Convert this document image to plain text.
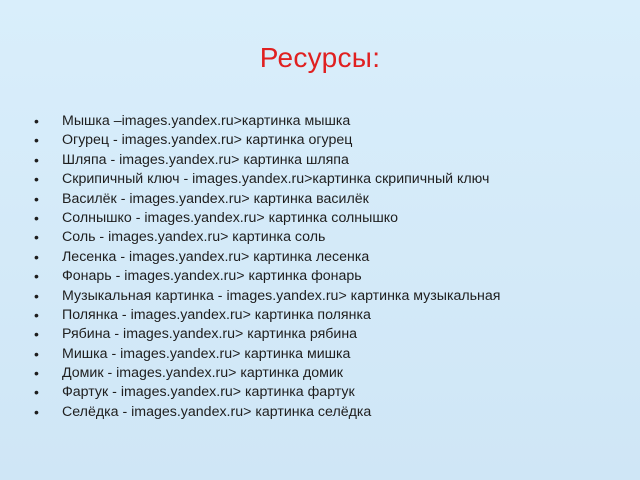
Ресурсы:
•	Мышка –images.yandex.ru>картинка мышка
•	Огурец - images.yandex.ru> картинка огурец
•	Шляпа - images.yandex.ru> картинка шляпа
•	Скрипичный ключ - images.yandex.ru>картинка скрипичный ключ
•	Василёк - images.yandex.ru> картинка василёк
•	Солнышко - images.yandex.ru> картинка солнышко
•	Соль - images.yandex.ru> картинка соль
•	Лесенка - images.yandex.ru> картинка лесенка
•	Фонарь - images.yandex.ru> картинка фонарь
•	Музыкальная картинка - images.yandex.ru> картинка музыкальная
•	Полянка - images.yandex.ru> картинка полянка
•	Рябина - images.yandex.ru> картинка рябина
•	Мишка - images.yandex.ru> картинка мишка
•	Домик - images.yandex.ru> картинка домик
•	Фартук - images.yandex.ru> картинка фартук
•	Селёдка - images.yandex.ru> картинка селёдка
